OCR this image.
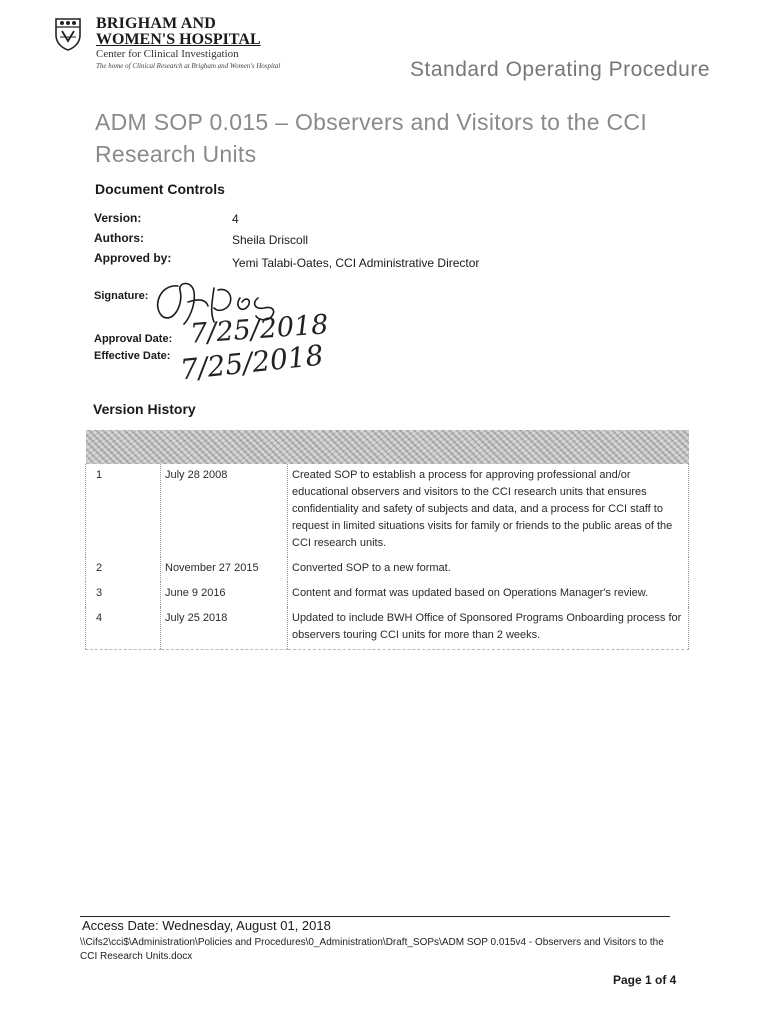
BRIGHAM AND
WOMEN'S HOSPITAL
Center for Clinical Investigation
The home of Clinical Research at Brigham and Women's Hospital	Standard Operating Procedure
ADM SOP 0.015 – Observers and Visitors to the CCI Research Units
Document Controls
Version:	4
Authors:	Sheila Driscoll
Approved by:	Yemi Talabi-Oates, CCI Administrative Director
Signature:
Approval Date: 7/25/2018
Effective Date: 7/25/2018
Version History

1	July 28 2008	Created SOP to establish a process for approving professional and/or educational observers and visitors to the CCI research units that ensures confidentiality and safety of subjects and data, and a process for CCI staff to request in limited situations visits for family or friends to the public areas of the CCI research units.
2	November 27 2015	Converted SOP to a new format.
3	June 9 2016	Content and format was updated based on Operations Manager's review.
4	July 25 2018	Updated to include BWH Office of Sponsored Programs Onboarding process for observers touring CCI units for more than 2 weeks.
Access Date: Wednesday, August 01, 2018
\\Cifs2\cci$\Administration\Policies and Procedures\0_Administration\Draft_SOPs\ADM SOP 0.015v4 - Observers and Visitors to the CCI Research Units.docx
Page 1 of 4
